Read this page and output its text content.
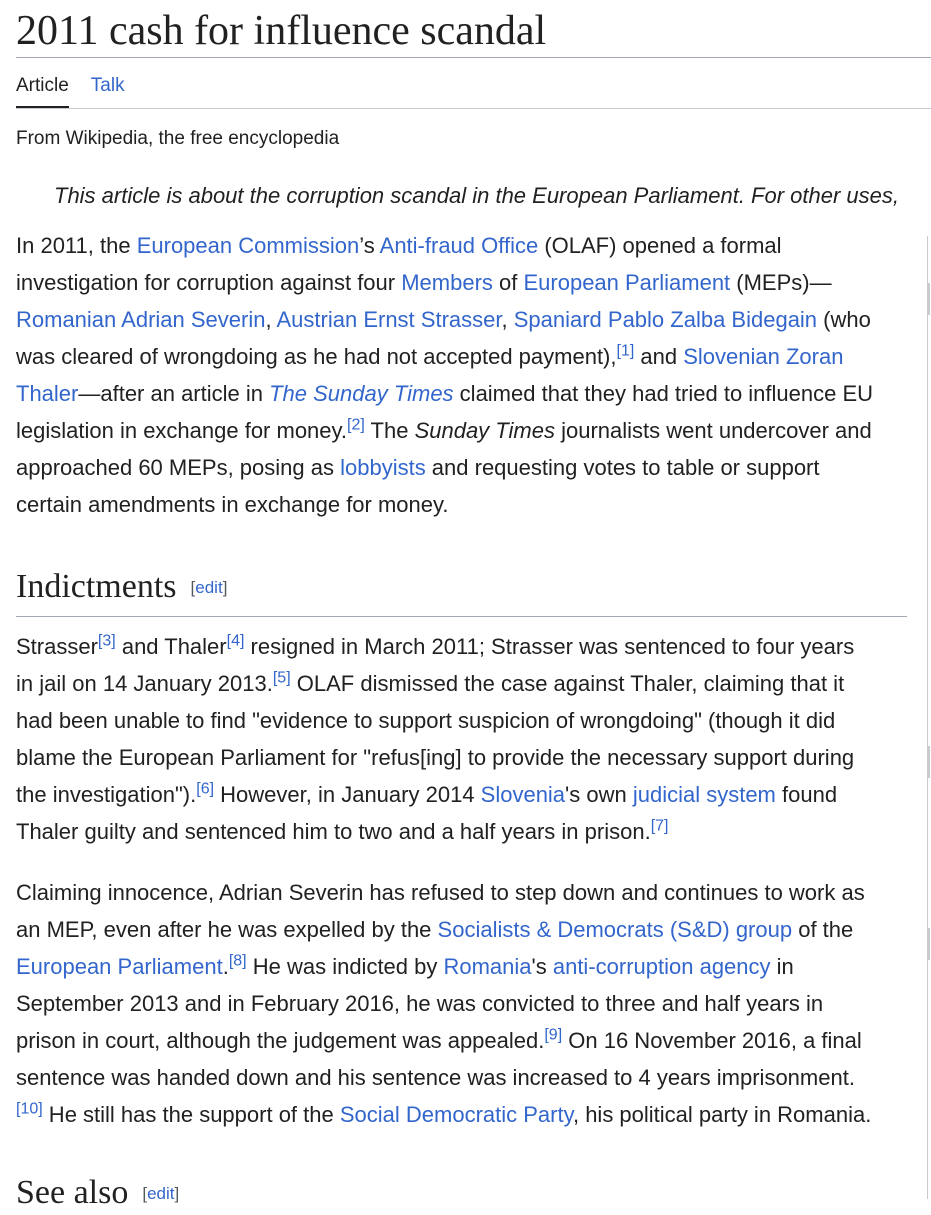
2011 cash for influence scandal
Article Talk
From Wikipedia, the free encyclopedia
This article is about the corruption scandal in the European Parliament. For other uses,
In 2011, the European Commission’s Anti-fraud Office (OLAF) opened a formal
investigation for corruption against four Members of European Parliament (MEPs)—
Romanian Adrian Severin, Austrian Ernst Strasser, Spaniard Pablo Zalba Bidegain (who
was cleared of wrongdoing as he had not accepted payment),[1] and Slovenian Zoran
Thaler—after an article in The Sunday Times claimed that they had tried to influence EU
legislation in exchange for money.[2] The Sunday Times journalists went undercover and
approached 60 MEPs, posing as lobbyists and requesting votes to table or support
certain amendments in exchange for money.
Indictments [edit]
Strasser[3] and Thaler[4] resigned in March 2011; Strasser was sentenced to four years
in jail on 14 January 2013.[5] OLAF dismissed the case against Thaler, claiming that it
had been unable to find "evidence to support suspicion of wrongdoing" (though it did
blame the European Parliament for "refus[ing] to provide the necessary support during
the investigation").[6] However, in January 2014 Slovenia's own judicial system found
Thaler guilty and sentenced him to two and a half years in prison.[7]
Claiming innocence, Adrian Severin has refused to step down and continues to work as
an MEP, even after he was expelled by the Socialists & Democrats (S&D) group of the
European Parliament.[8] He was indicted by Romania's anti-corruption agency in
September 2013 and in February 2016, he was convicted to three and half years in
prison in court, although the judgement was appealed.[9] On 16 November 2016, a final
sentence was handed down and his sentence was increased to 4 years imprisonment.
[10] He still has the support of the Social Democratic Party, his political party in Romania.
See also [edit]
